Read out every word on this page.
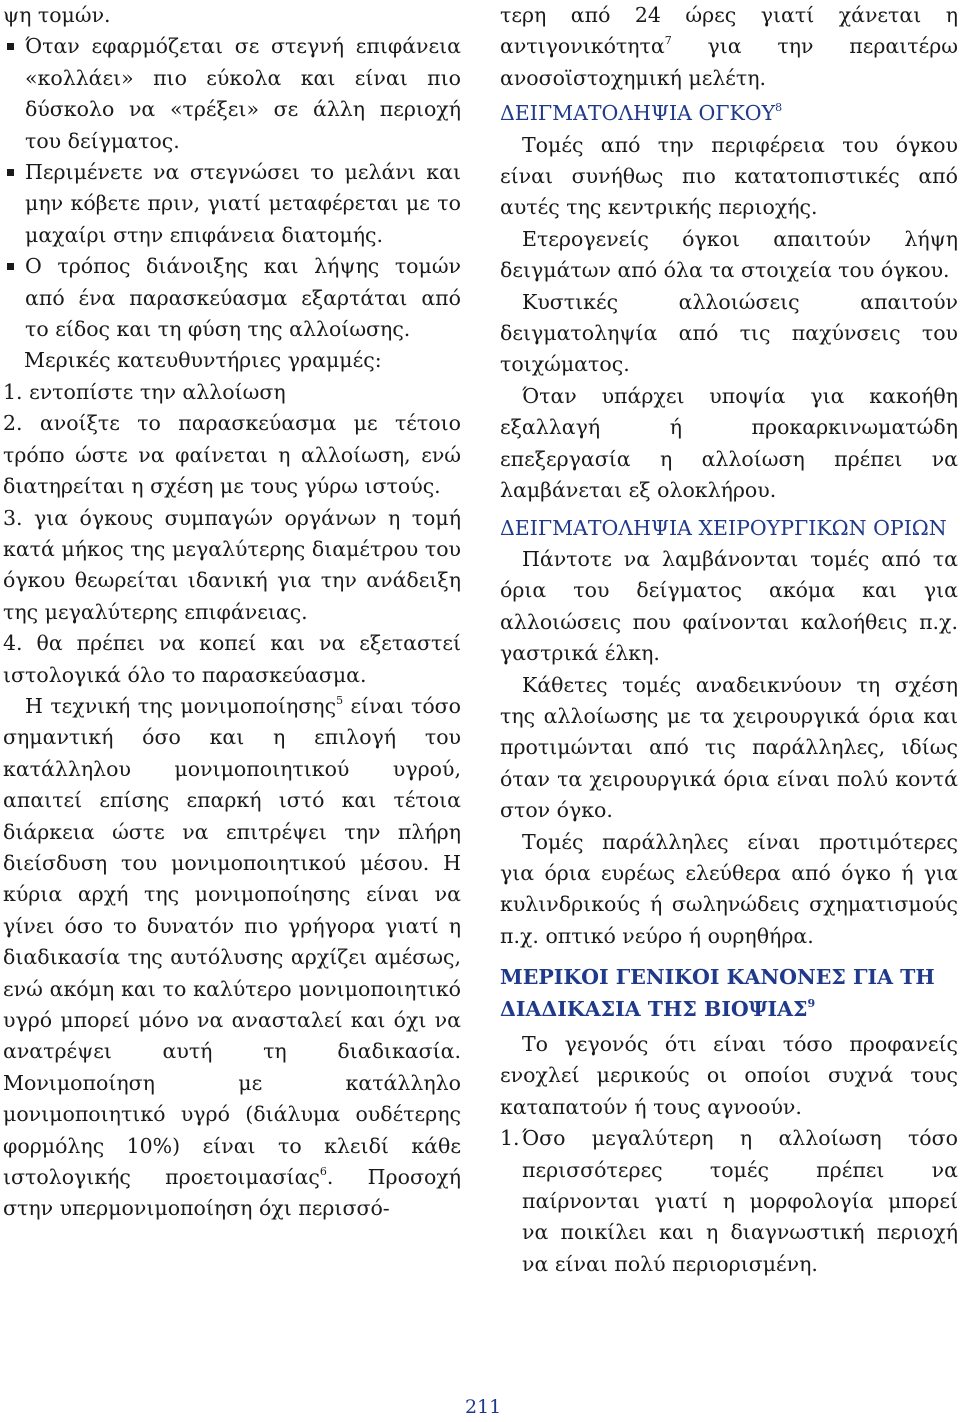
ψη τομών.

Όταν εφαρμόζεται σε στεγνή επιφάνεια «κολλάει» πιο εύκολα και είναι πιο δύσκολο να «τρέξει» σε άλλη περιοχή του δείγματος.

Περιμένετε να στεγνώσει το μελάνι και μην κόβετε πριν, γιατί μεταφέρεται με το μαχαίρι στην επιφάνεια διατομής.

Ο τρόπος διάνοιξης και λήψης τομών από ένα παρασκεύασμα εξαρτάται από το είδος και τη φύση της αλλοίωσης.

Μερικές κατευθυντήριες γραμμές:

1. εντοπίστε την αλλοίωση

2. ανοίξτε το παρασκεύασμα με τέτοιο τρόπο ώστε να φαίνεται η αλλοίωση, ενώ διατηρείται η σχέση με τους γύρω ιστούς.

3. για όγκους συμπαγών οργάνων η τομή κατά μήκος της μεγαλύτερης διαμέτρου του όγκου θεωρείται ιδανική για την ανάδειξη της μεγαλύτερης επιφάνειας.

4. θα πρέπει να κοπεί και να εξεταστεί ιστολογικά όλο το παρασκεύασμα.

Η τεχνική της μονιμοποίησης$^5$ είναι τόσο σημαντική όσο και η επιλογή του κατάλληλου μονιμοποιητικού υγρού, απαιτεί επίσης επαρκή ιστό και τέτοια διάρκεια ώστε να επιτρέψει την πλήρη διείσδυση του μονιμοποιητικού μέσου. Η κύρια αρχή της μονιμοποίησης είναι να γίνει όσο το δυνατόν πιο γρήγορα γιατί η διαδικασία της αυτόλυσης αρχίζει αμέσως, ενώ ακόμη και το καλύτερο μονιμοποιητικό υγρό μπορεί μόνο να ανασταλεί και όχι να ανατρέψει αυτή τη διαδικασία. Μονιμοποίηση με κατάλληλο μονιμοποιητικό υγρό (διάλυμα ουδέτερης φορμόλης 10%) είναι το κλειδί κάθε ιστολογικής προετοιμασίας$^6$. Προσοχή στην υπερμονιμοποίηση όχι περισσό-

τερη από 24 ώρες γιατί χάνεται η αντιγονικότητα$^7$ για την περαιτέρω ανοσοϊστοχημική μελέτη.

ΔΕΙΓΜΑΤΟΛΗΨΙΑ ΟΓΚΟΥ$^8$

Τομές από την περιφέρεια του όγκου είναι συνήθως πιο κατατοπιστικές από αυτές της κεντρικής περιοχής.

Ετερογενείς όγκοι απαιτούν λήψη δειγμάτων από όλα τα στοιχεία του όγκου.

Κυστικές αλλοιώσεις απαιτούν δειγματοληψία από τις παχύνσεις του τοιχώματος.

Όταν υπάρχει υποψία για κακοήθη εξαλλαγή ή προκαρκινωματώδη επεξεργασία η αλλοίωση πρέπει να λαμβάνεται εξ ολοκλήρου.

ΔΕΙΓΜΑΤΟΛΗΨΙΑ ΧΕΙΡΟΥΡΓΙΚΩΝ ΟΡΙΩΝ

Πάντοτε να λαμβάνονται τομές από τα όρια του δείγματος ακόμα και για αλλοιώσεις που φαίνονται καλοήθεις π.χ. γαστρικά έλκη.

Κάθετες τομές αναδεικνύουν τη σχέση της αλλοίωσης με τα χειρουργικά όρια και προτιμώνται από τις παράλληλες, ιδίως όταν τα χειρουργικά όρια είναι πολύ κοντά στον όγκο.

Τομές παράλληλες είναι προτιμότερες για όρια ευρέως ελεύθερα από όγκο ή για κυλινδρικούς ή σωληνώδεις σχηματισμούς π.χ. οπτικό νεύρο ή ουρηθήρα.

ΜΕΡΙΚΟΙ ΓΕΝΙΚΟΙ ΚΑΝΟΝΕΣ ΓΙΑ ΤΗ ΔΙΑΔΙΚΑΣΙΑ ΤΗΣ ΒΙΟΨΙΑΣ$^9$

Το γεγονός ότι είναι τόσο προφανείς ενοχλεί μερικούς οι οποίοι συχνά τους καταπατούν ή τους αγνοούν.

1. Όσο μεγαλύτερη η αλλοίωση τόσο περισσότερες τομές πρέπει να παίρνονται γιατί η μορφολογία μπορεί να ποικίλει και η διαγνωστική περιοχή να είναι πολύ περιορισμένη.
211
